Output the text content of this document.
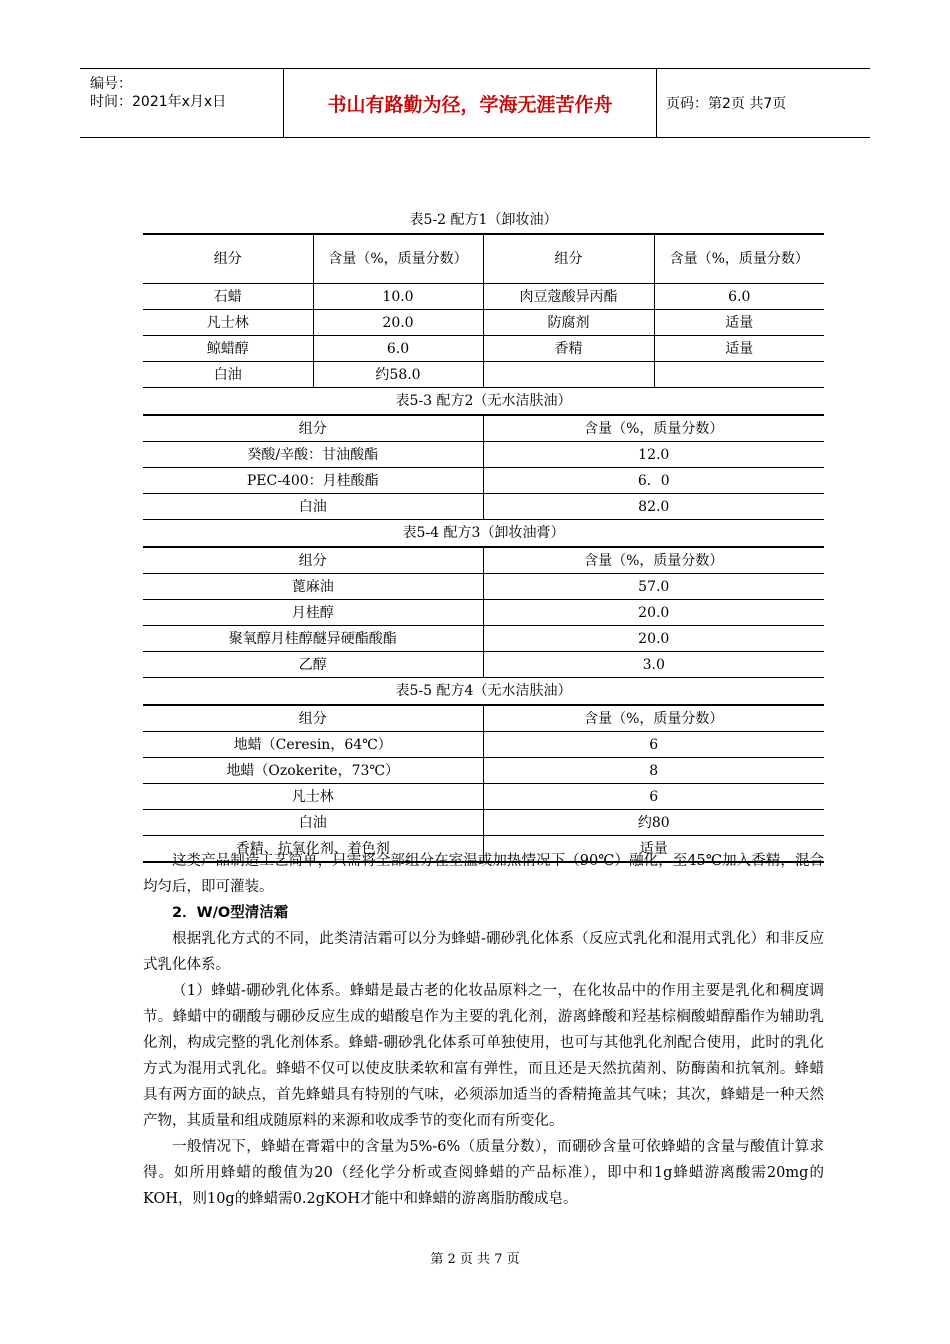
编号：
时间：2021年x月x日	书山有路勤为径，学海无涯苦作舟	页码：第2页 共7页
表5-2 配方1（卸妆油）
组分	含量（%，质量分数）	组分	含量（%，质量分数）
石蜡	10.0	肉豆蔻酸异丙酯	6.0
凡士林	20.0	防腐剂	适量
鲸蜡醇	6.0	香精	适量
白油	约58.0		
表5-3 配方2（无水洁肤油）
组分	含量（%，质量分数）
癸酸/辛酸：甘油酸酯	12.0
PEC-400：月桂酸酯	6．0
白油	82.0
表5-4 配方3（卸妆油膏）
组分	含量（%，质量分数）
蓖麻油	57.0
月桂醇	20.0
聚氧醇月桂醇醚异硬酯酸酯	20.0
乙醇	3.0
表5-5 配方4（无水洁肤油）
组分	含量（%，质量分数）
地蜡（Ceresin，64℃）	6
地蜡（Ozokerite，73℃）	8
凡士林	6
白油	约80
香精、抗氧化剂、着色剂	适量

这类产品制造工艺简单，只需将全部组分在室温或加热情况下（90℃）融化，至45℃加入香精，混合均匀后，即可灌装。

2．W/O型清洁霜

根据乳化方式的不同，此类清洁霜可以分为蜂蜡-硼砂乳化体系（反应式乳化和混用式乳化）和非反应式乳化体系。

（1）蜂蜡-硼砂乳化体系。蜂蜡是最古老的化妆品原料之一，在化妆品中的作用主要是乳化和稠度调节。蜂蜡中的硼酸与硼砂反应生成的蜡酸皂作为主要的乳化剂，游离蜂酸和羟基棕榈酸蜡醇酯作为辅助乳化剂，构成完整的乳化剂体系。蜂蜡-硼砂乳化体系可单独使用，也可与其他乳化剂配合使用，此时的乳化方式为混用式乳化。蜂蜡不仅可以使皮肤柔软和富有弹性，而且还是天然抗菌剂、防酶菌和抗氧剂。蜂蜡具有两方面的缺点，首先蜂蜡具有特别的气味，必须添加适当的香精掩盖其气味；其次，蜂蜡是一种天然产物，其质量和组成随原料的来源和收成季节的变化而有所变化。

一般情况下，蜂蜡在膏霜中的含量为5%-6%（质量分数），而硼砂含量可依蜂蜡的含量与酸值计算求得。如所用蜂蜡的酸值为20（经化学分析或查阅蜂蜡的产品标准），即中和1g蜂蜡游离酸需20mg的KOH，则10g的蜂蜡需0.2gKOH才能中和蜂蜡的游离脂肪酸成皂。

第 2 页 共 7 页
